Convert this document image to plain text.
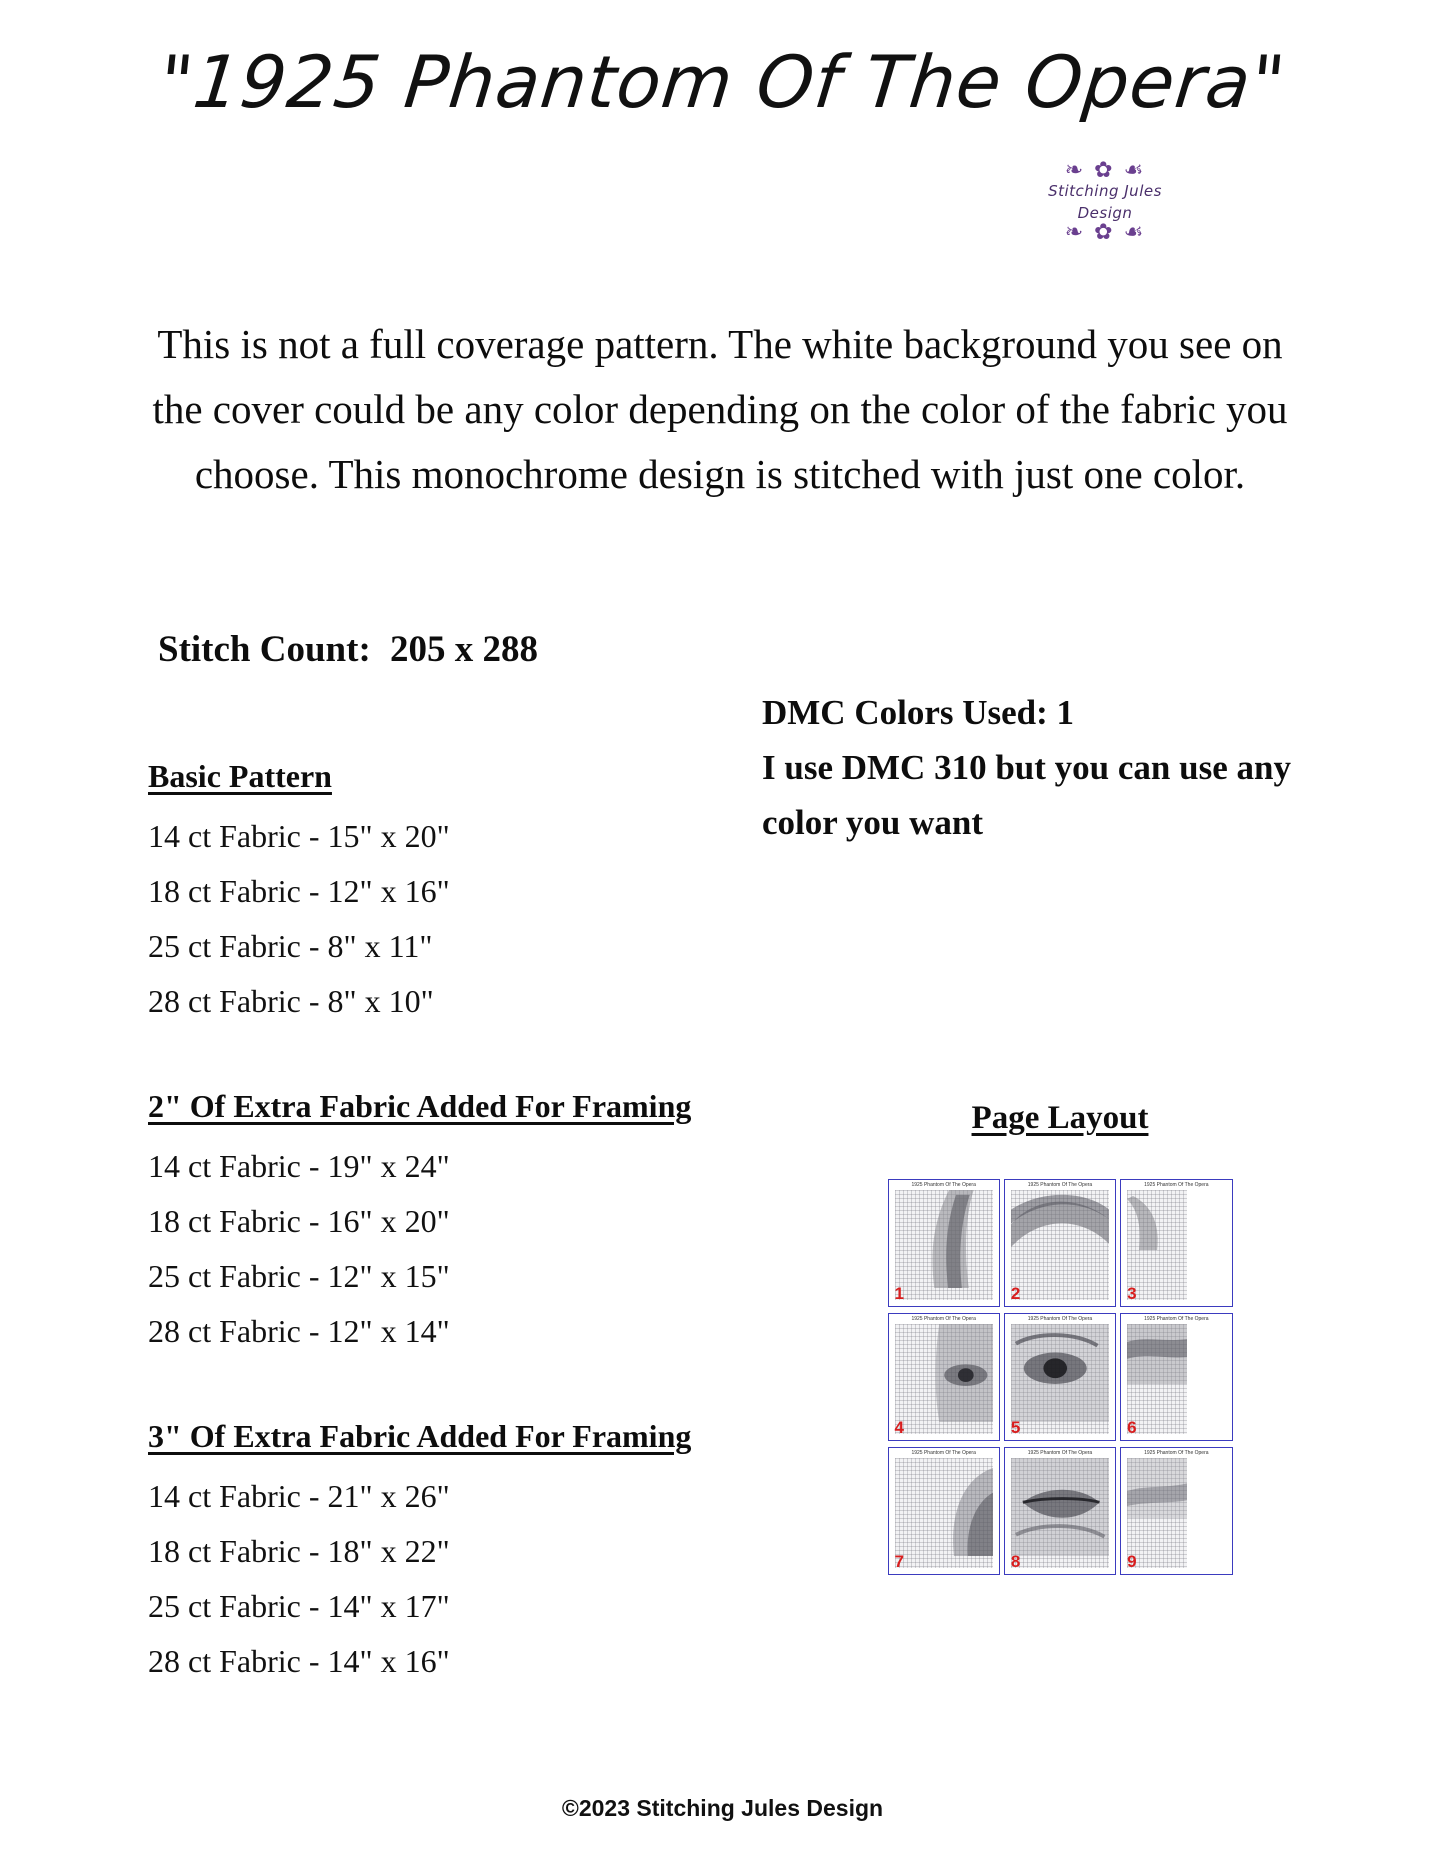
"1925 Phantom Of The Opera"
❧ ✿ ☙
Stitching Jules Design
❧ ✿ ☙
This is not a full coverage pattern. The white background you see on the cover could be any color depending on the color of the fabric you choose. This monochrome design is stitched with just one color.
Stitch Count: 205 x 288
DMC Colors Used: 1
I use DMC 310 but you can use any color you want
Basic Pattern
14 ct Fabric - 15" x 20"
18 ct Fabric - 12" x 16"
25 ct Fabric - 8" x 11"
28 ct Fabric - 8" x 10"
2" Of Extra Fabric Added For Framing
14 ct Fabric - 19" x 24"
18 ct Fabric - 16" x 20"
25 ct Fabric - 12" x 15"
28 ct Fabric - 12" x 14"
3" Of Extra Fabric Added For Framing
14 ct Fabric - 21" x 26"
18 ct Fabric - 18" x 22"
25 ct Fabric - 14" x 17"
28 ct Fabric - 14" x 16"
Page Layout
1925 Phantom Of The Opera
1
1925 Phantom Of The Opera
2
1925 Phantom Of The Opera
3
1925 Phantom Of The Opera
4
1925 Phantom Of The Opera
5
1925 Phantom Of The Opera
6
1925 Phantom Of The Opera
7
1925 Phantom Of The Opera
8
1925 Phantom Of The Opera
9
©2023 Stitching Jules Design
